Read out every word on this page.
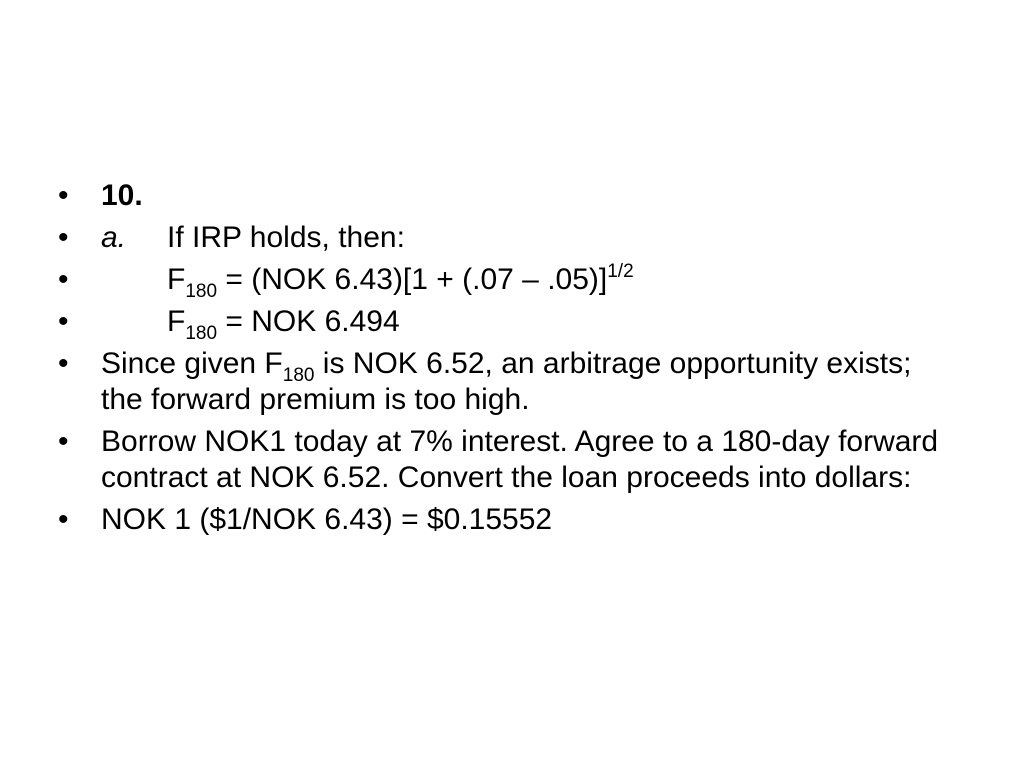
•	10.
•	a. If IRP holds, then:
•	$F_{180} = (NOK$ $6.43)[1 + (.07 - .05)]^{1/2}$
•	$F_{180}$ = NOK 6.494
•	Since given $F_{180}$ is NOK 6.52, an arbitrage opportunity exists; the forward premium is too high.
•	Borrow NOK1 today at 7% interest. Agree to a 180-day forward contract at NOK 6.52. Convert the loan proceeds into dollars:
•	NOK 1 ($1/NOK 6.43) = $0.15552
